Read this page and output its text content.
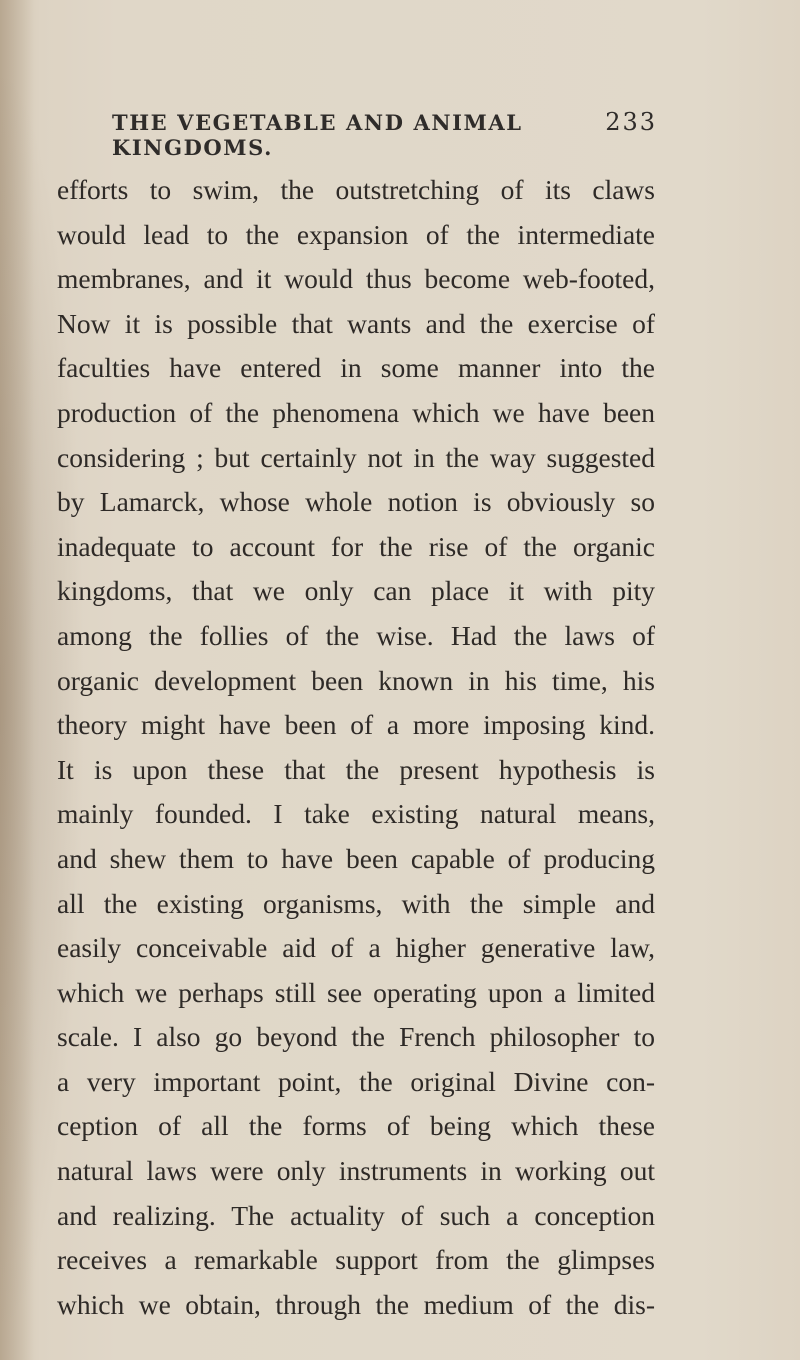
THE VEGETABLE AND ANIMAL KINGDOMS.
233
efforts to swim, the outstretching of its claws
would lead to the expansion of the intermediate
membranes, and it would thus become web-footed,
Now it is possible that wants and the exercise of
faculties have entered in some manner into the
production of the phenomena which we have been
considering ; but certainly not in the way suggested
by Lamarck, whose whole notion is obviously so
inadequate to account for the rise of the organic
kingdoms, that we only can place it with pity
among the follies of the wise. Had the laws of
organic development been known in his time, his
theory might have been of a more imposing kind.
It is upon these that the present hypothesis is
mainly founded. I take existing natural means,
and shew them to have been capable of producing
all the existing organisms, with the simple and
easily conceivable aid of a higher generative law,
which we perhaps still see operating upon a limited
scale. I also go beyond the French philosopher to
a very important point, the original Divine con-
ception of all the forms of being which these
natural laws were only instruments in working out
and realizing. The actuality of such a conception
receives a remarkable support from the glimpses
which we obtain, through the medium of the dis-
